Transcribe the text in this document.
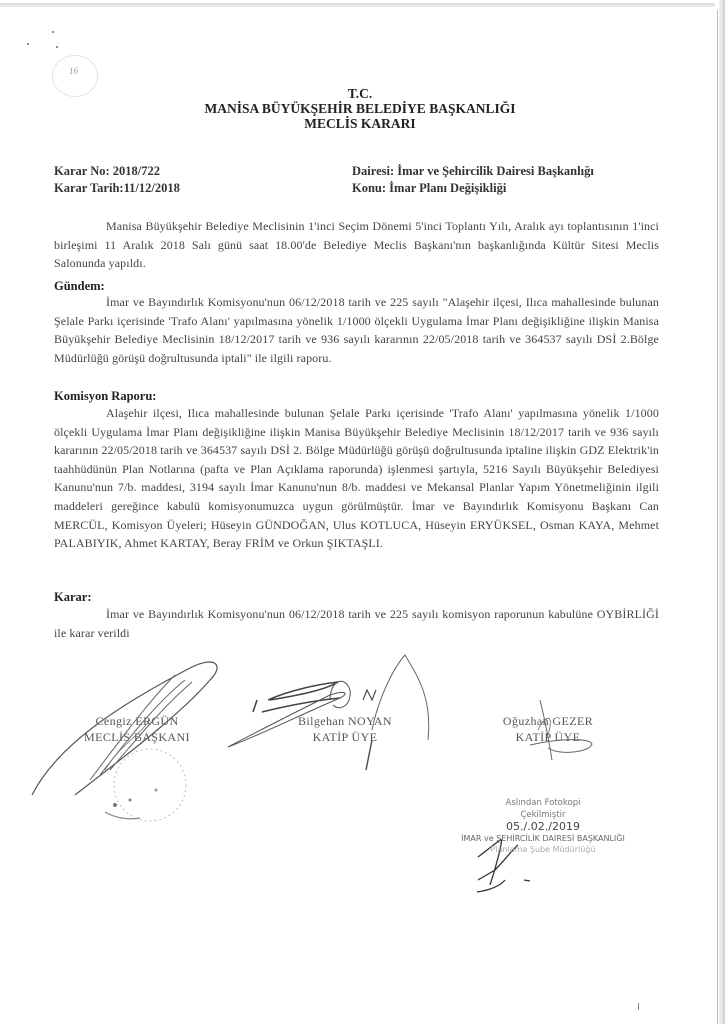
16
T.C.
MANİSA BÜYÜKŞEHİR BELEDİYE BAŞKANLIĞI
MECLİS KARARI
Karar No: 2018/722
Karar Tarih:11/12/2018
Dairesi: İmar ve Şehircilik Dairesi Başkanlığı
Konu: İmar Planı Değişikliği
Manisa Büyükşehir Belediye Meclisinin 1'inci Seçim Dönemi 5'inci Toplantı Yılı, Aralık ayı toplantısının 1'inci birleşimi 11 Aralık 2018 Salı günü saat 18.00'de Belediye Meclis Başkanı'nın başkanlığında Kültür Sitesi Meclis Salonunda yapıldı.
Gündem:
İmar ve Bayındırlık Komisyonu'nun 06/12/2018 tarih ve 225 sayılı "Alaşehir ilçesi, Ilıca mahallesinde bulunan Şelale Parkı içerisinde 'Trafo Alanı' yapılmasına yönelik 1/1000 ölçekli Uygulama İmar Planı değişikliğine ilişkin Manisa Büyükşehir Belediye Meclisinin 18/12/2017 tarih ve 936 sayılı kararının 22/05/2018 tarih ve 364537 sayılı DSİ 2.Bölge Müdürlüğü görüşü doğrultusunda iptali" ile ilgili raporu.
Komisyon Raporu:
Alaşehir ilçesi, Ilıca mahallesinde bulunan Şelale Parkı içerisinde 'Trafo Alanı' yapılmasına yönelik 1/1000 ölçekli Uygulama İmar Planı değişikliğine ilişkin Manisa Büyükşehir Belediye Meclisinin 18/12/2017 tarih ve 936 sayılı kararının 22/05/2018 tarih ve 364537 sayılı DSİ 2. Bölge Müdürlüğü görüşü doğrultusunda iptaline ilişkin GDZ Elektrik'in taahhüdünün Plan Notlarına (pafta ve Plan Açıklama raporunda) işlenmesi şartıyla, 5216 Sayılı Büyükşehir Belediyesi Kanunu'nun 7/b. maddesi, 3194 sayılı İmar Kanunu'nun 8/b. maddesi ve Mekansal Planlar Yapım Yönetmeliğinin ilgili maddeleri gereğince kabulü komisyonumuzca uygun görülmüştür. İmar ve Bayındırlık Komisyonu Başkanı Can MERCÜL, Komisyon Üyeleri; Hüseyin GÜNDOĞAN, Ulus KOTLUCA, Hüseyin ERYÜKSEL, Osman KAYA, Mehmet PALABIYIK, Ahmet KARTAY, Beray FRİM ve Orkun ŞIKTAŞLI.
Karar:
İmar ve Bayındırlık Komisyonu'nun 06/12/2018 tarih ve 225 sayılı komisyon raporunun kabulüne OYBİRLİĞİ ile karar verildi
Cengiz ERGÜN
MECLİS BAŞKANI
Bilgehan NOYAN
KATİP ÜYE
Oğuzhan GEZER
KATİP ÜYE
Aslından Fotokopi
Çekilmiştir
05./.02./2019
İMAR ve ŞEHİRCİLİK DAİRESİ BAŞKANLIĞI
Planlama Şube Müdürlüğü
